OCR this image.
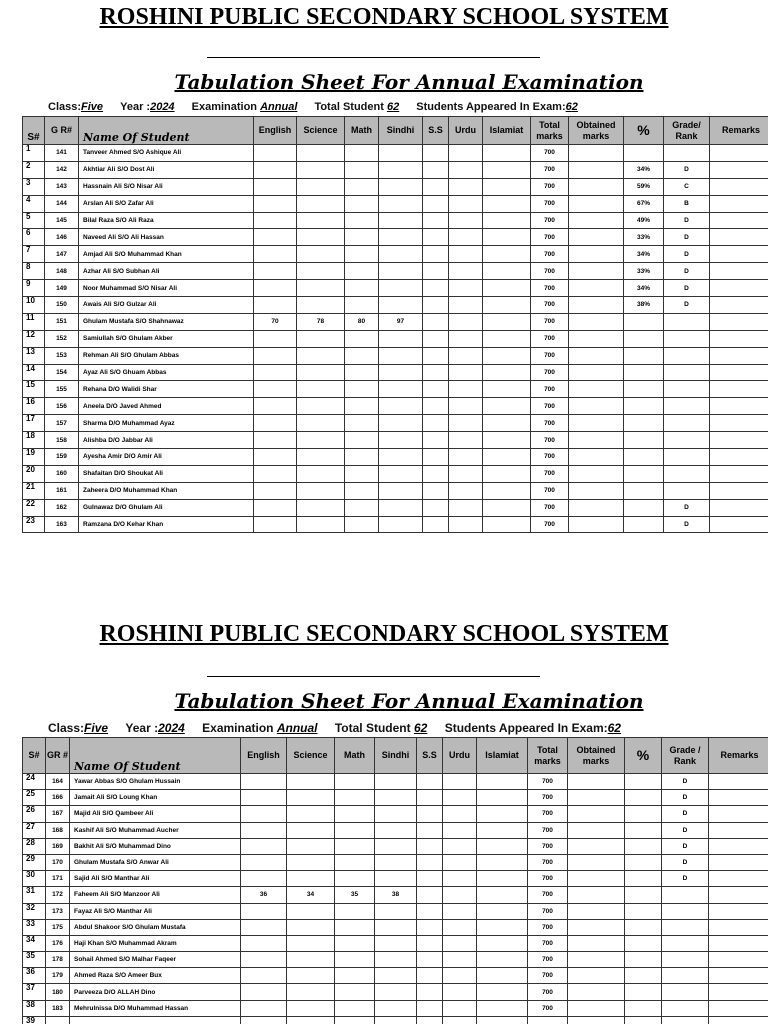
ROSHINI PUBLIC SECONDARY SCHOOL SYSTEM
Tabulation Sheet For Annual Examination
Class:Five Year :2024 Examination Annual Total Student 62 Students Appeared In Exam:62
S#	G R#	Name Of Student	English	Science	Math	Sindhi	S.S	Urdu	Islamiat	Total marks	Obtained marks	%	Grade/ Rank	Remarks
1	141	Tanveer Ahmed S/O Ashique Ali								700				
2	142	Akhtiar Ali S/O Dost Ali								700		34%	D	
3	143	Hassnain Ali S/O Nisar Ali								700		59%	C	
4	144	Arslan Ali S/O Zafar Ali								700		67%	B	
5	145	Bilal Raza S/O Ali Raza								700		49%	D	
6	146	Naveed Ali S/O Ali Hassan								700		33%	D	
7	147	Amjad Ali S/O Muhammad Khan								700		34%	D	
8	148	Azhar Ali S/O Subhan Ali								700		33%	D	
9	149	Noor Muhammad S/O Nisar Ali								700		34%	D	
10	150	Awais Ali S/O Gulzar Ali								700		38%	D	
11	151	Ghulam Mustafa S/O Shahnawaz	70	78	80	97				700				
12	152	Samiullah S/O Ghulam Akber								700				
13	153	Rehman Ali S/O Ghulam Abbas								700				
14	154	Ayaz Ali S/O Ghuam Abbas								700				
15	155	Rehana D/O Walidi Shar								700				
16	156	Aneela D/O Javed Ahmed								700				
17	157	Sharma D/O Muhammad Ayaz								700				
18	158	Alishba D/O Jabbar Ali								700				
19	159	Ayesha Amir D/O Amir Ali								700				
20	160	Shafaitan D/O Shoukat Ali								700				
21	161	Zaheera D/O Muhammad Khan								700				
22	162	Gulnawaz D/O Ghulam Ali								700			D	
23	163	Ramzana D/O Kehar Khan								700			D	
ROSHINI PUBLIC SECONDARY SCHOOL SYSTEM
Tabulation Sheet For Annual Examination
Class:Five Year :2024 Examination Annual Total Student 62 Students Appeared In Exam:62
S#	GR #	Name Of Student	English	Science	Math	Sindhi	S.S	Urdu	Islamiat	Total marks	Obtained marks	%	Grade / Rank	Remarks
24	164	Yawar Abbas S/O Ghulam Hussain								700			D	
25	166	Jamait Ali S/O Loung Khan								700			D	
26	167	Majid Ali S/O Qambeer Ali								700			D	
27	168	Kashif Ali S/O Muhammad Aucher								700			D	
28	169	Bakhit Ali S/O Muhammad Dino								700			D	
29	170	Ghulam Mustafa S/O Anwar Ali								700			D	
30	171	Sajid Ali S/O Manthar Ali								700			D	
31	172	Faheem Ali S/O Manzoor Ali	36	34	35	38				700				
32	173	Fayaz Ali S/O Manthar Ali								700				
33	175	Abdul Shakoor S/O Ghulam Mustafa								700				
34	176	Haji Khan S/O Muhammad Akram								700				
35	178	Sohail Ahmed S/O Malhar Faqeer								700				
36	179	Ahmed Raza S/O Ameer Bux								700				
37	180	Parveeza D/O ALLAH Dino								700				
38	183	Mehrulnissa D/O Muhammad Hassan								700				
39														
